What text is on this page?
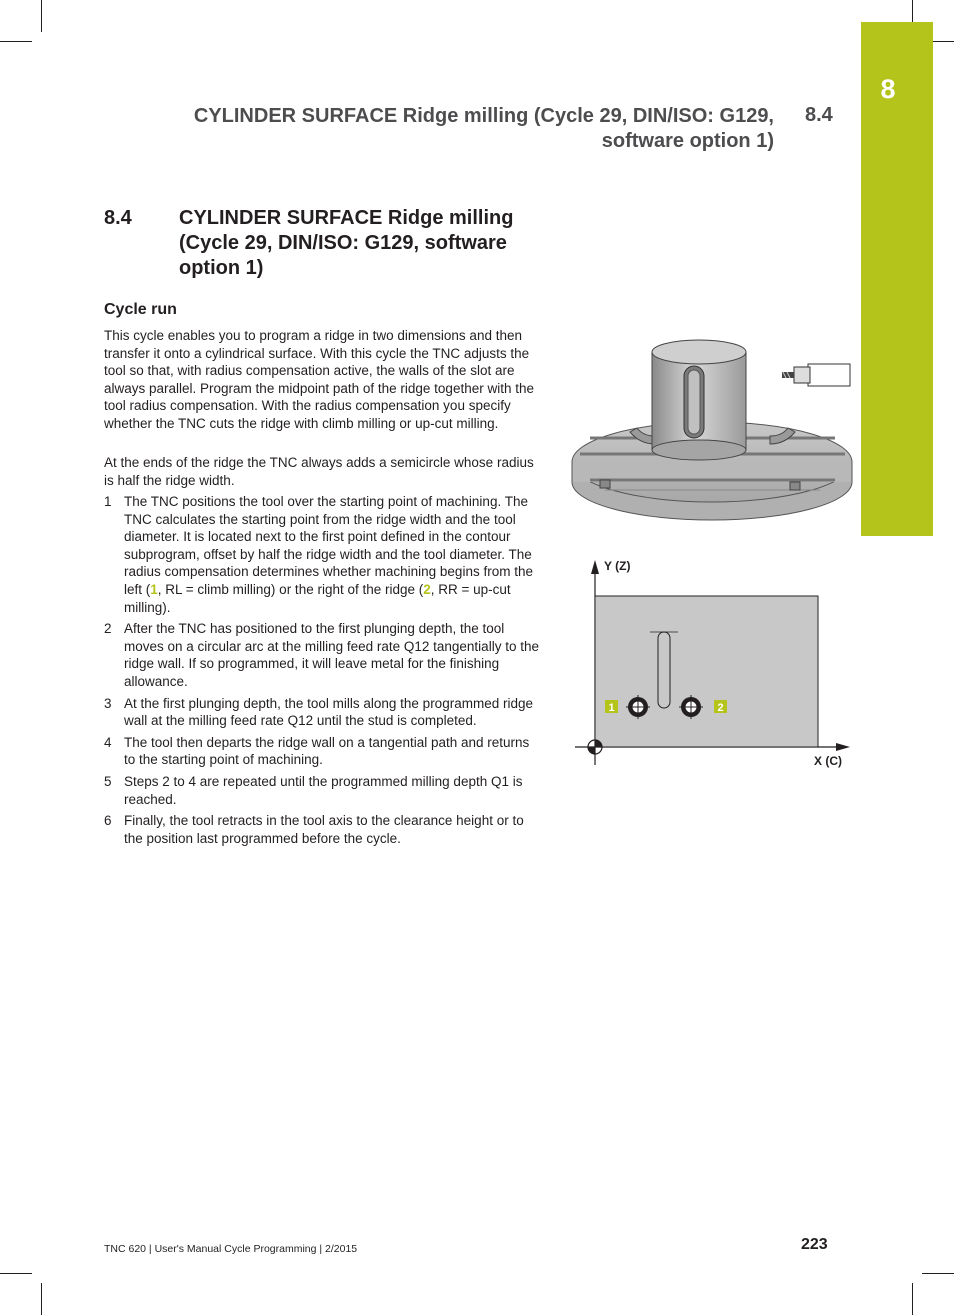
8
CYLINDER SURFACE Ridge milling (Cycle 29, DIN/ISO: G129,
software option 1)
8.4
8.4 CYLINDER SURFACE Ridge milling (Cycle 29, DIN/ISO: G129, software option 1)
Cycle run
This cycle enables you to program a ridge in two dimensions and then transfer it onto a cylindrical surface. With this cycle the TNC adjusts the tool so that, with radius compensation active, the walls of the slot are always parallel. Program the midpoint path of the ridge together with the tool radius compensation. With the radius compensation you specify whether the TNC cuts the ridge with climb milling or up-cut milling.
At the ends of the ridge the TNC always adds a semicircle whose radius is half the ridge width.
1 The TNC positions the tool over the starting point of machining. The TNC calculates the starting point from the ridge width and the tool diameter. It is located next to the first point defined in the contour subprogram, offset by half the ridge width and the tool diameter. The radius compensation determines whether machining begins from the left (1, RL = climb milling) or the right of the ridge (2, RR = up-cut milling).
2 After the TNC has positioned to the first plunging depth, the tool moves on a circular arc at the milling feed rate Q12 tangentially to the ridge wall. If so programmed, it will leave metal for the finishing allowance.
3 At the first plunging depth, the tool mills along the programmed ridge wall at the milling feed rate Q12 until the stud is completed.
4 The tool then departs the ridge wall on a tangential path and returns to the starting point of machining.
5 Steps 2 to 4 are repeated until the programmed milling depth Q1 is reached.
6 Finally, the tool retracts in the tool axis to the clearance height or to the position last programmed before the cycle.
1	2
Y (Z)
X (C)
TNC 620 | User's Manual Cycle Programming | 2/2015	223
